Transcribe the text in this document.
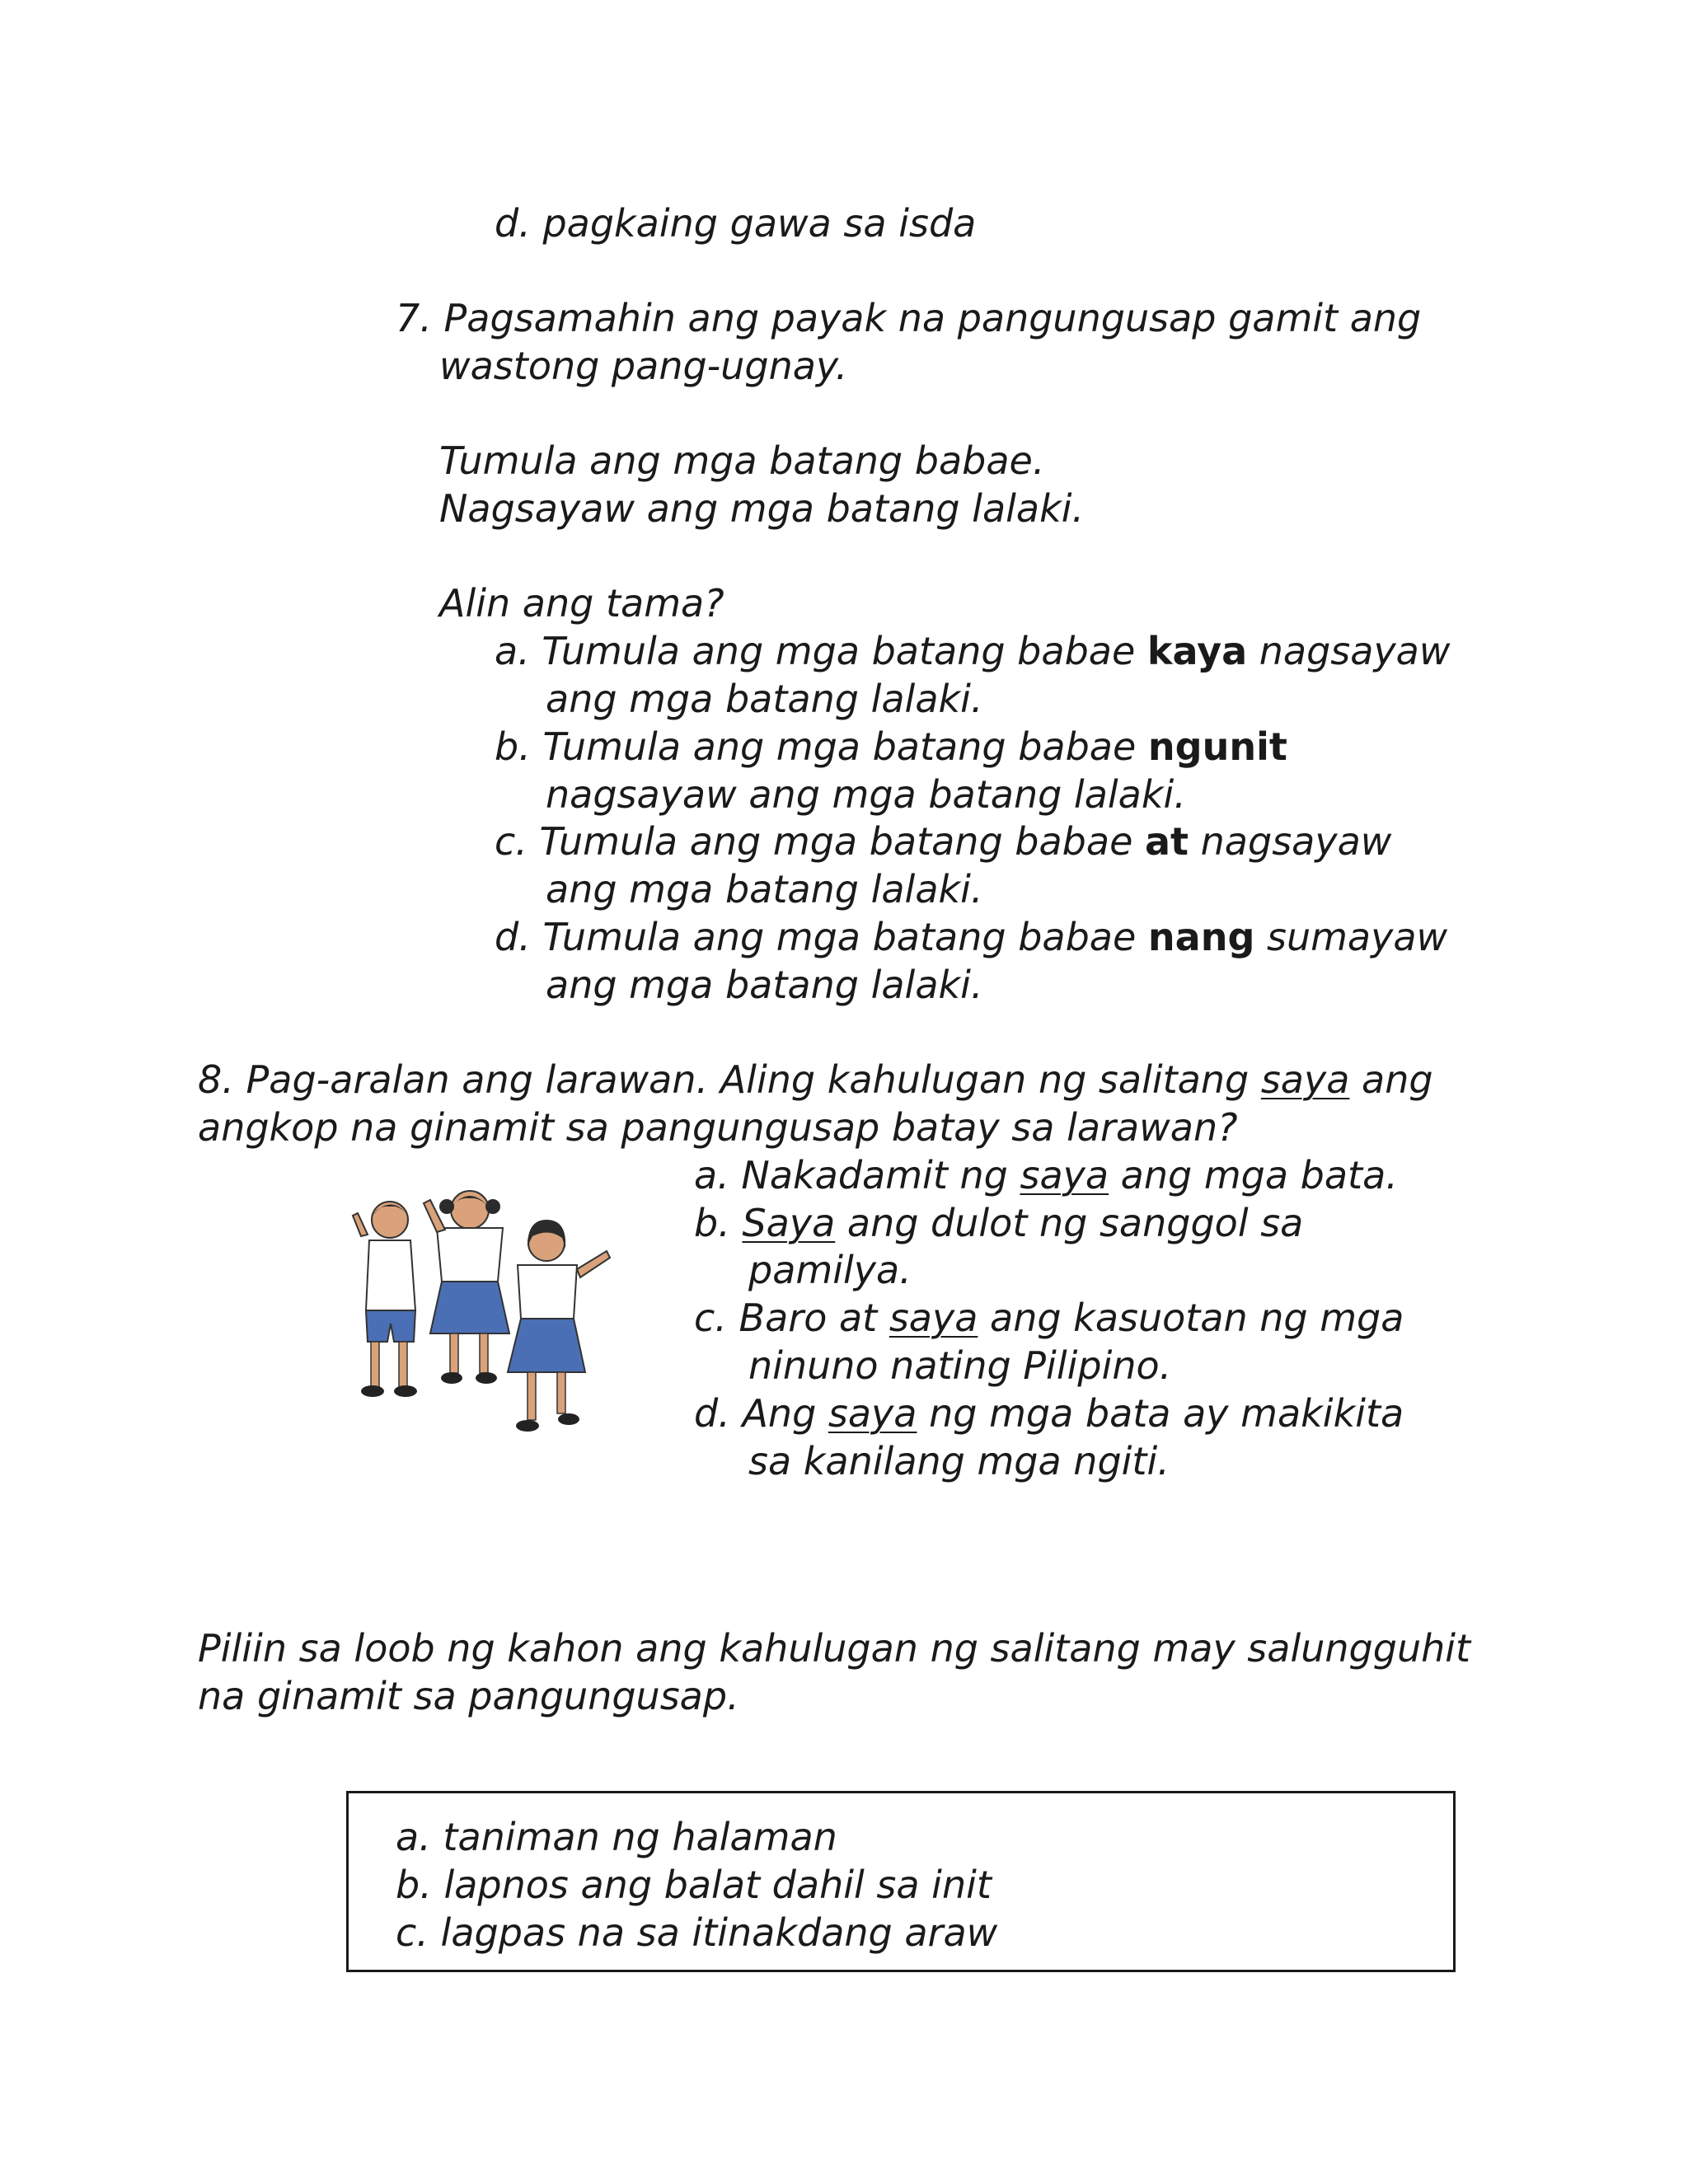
d. pagkaing gawa sa isda
7. Pagsamahin ang payak na pangungusap gamit ang
wastong pang-ugnay.
Tumula ang mga batang babae.
Nagsayaw ang mga batang lalaki.
Alin ang tama?
a. Tumula ang mga batang babae kaya nagsayaw
ang mga batang lalaki.
b. Tumula ang mga batang babae ngunit
nagsayaw ang mga batang lalaki.
c. Tumula ang mga batang babae at nagsayaw
ang mga batang lalaki.
d. Tumula ang mga batang babae nang sumayaw
ang mga batang lalaki.
8. Pag-aralan ang larawan. Aling kahulugan ng salitang saya ang
angkop na ginamit sa pangungusap batay sa larawan?
a. Nakadamit ng saya ang mga bata.
b. Saya ang dulot ng sanggol sa
pamilya.
c. Baro at saya ang kasuotan ng mga
ninuno nating Pilipino.
d. Ang saya ng mga bata ay makikita
sa kanilang mga ngiti.
Piliin sa loob ng kahon ang kahulugan ng salitang may salungguhit
na ginamit sa pangungusap.
a. taniman ng halaman
b. lapnos ang balat dahil sa init
c. lagpas na sa itinakdang araw
